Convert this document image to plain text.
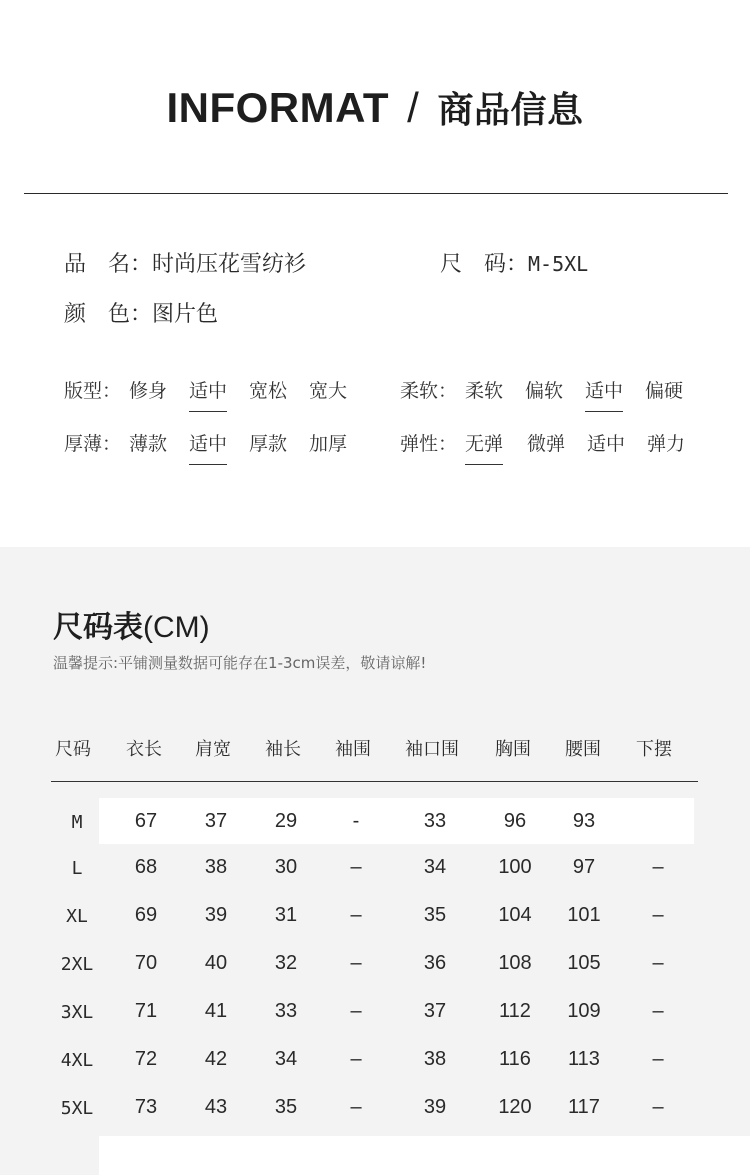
INFORMAT / 商品信息
品　名：时尚压花雪纺衫	尺　码：M-5XL
颜　色：图片色
版型： 修身 适中 宽松 宽大	柔软： 柔软 偏软 适中 偏硬
厚薄： 薄款 适中 厚款 加厚	弹性： 无弹 微弹 适中 弹力
尺码表(CM)
温馨提示:平铺测量数据可能存在1-3cm误差，敬请谅解!
尺码 衣长 肩宽 袖长 袖围 袖口围 胸围 腰围 下摆
M	67	37	29	-	33	96	93
L	68	38	30	–	34	100	97	–
XL	69	39	31	–	35	104	101	–
2XL	70	40	32	–	36	108	105	–
3XL	71	41	33	–	37	112	109	–
4XL	72	42	34	–	38	116	113	–
5XL	73	43	35	–	39	120	117	–
